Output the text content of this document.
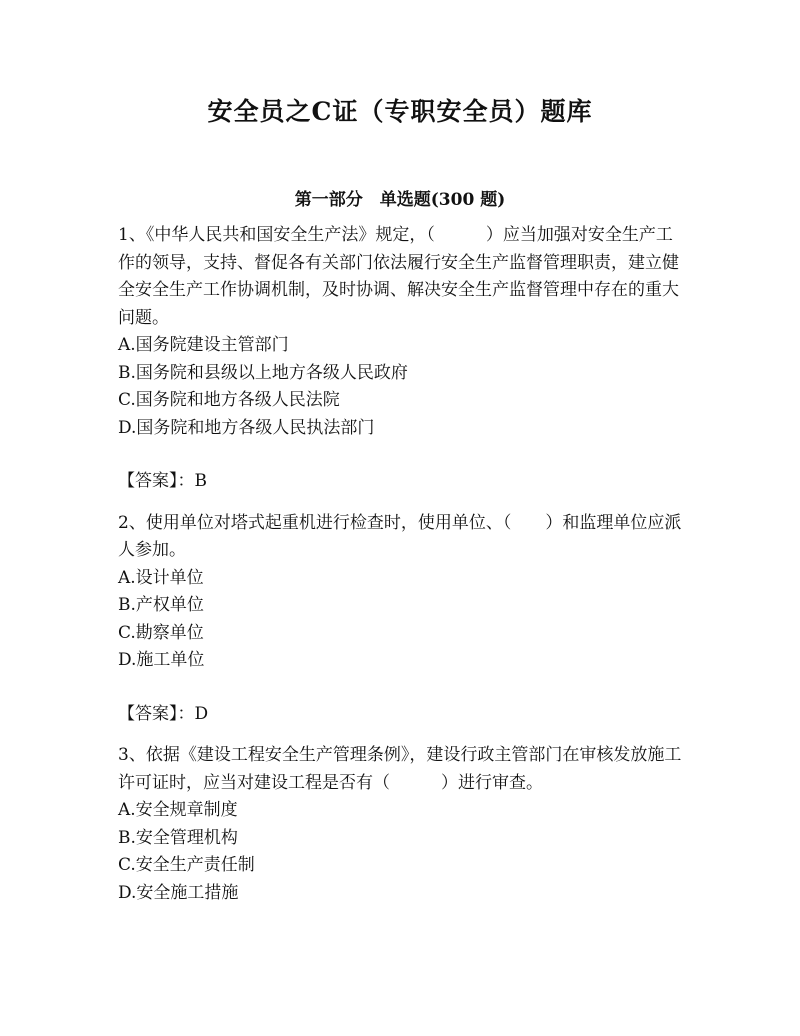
安全员之C证（专职安全员）题库
第一部分　单选题(300 题)

1、《中华人民共和国安全生产法》规定，（　　　）应当加强对安全生产工作的领导，支持、督促各有关部门依法履行安全生产监督管理职责，建立健全安全生产工作协调机制，及时协调、解决安全生产监督管理中存在的重大问题。

A.国务院建设主管部门

B.国务院和县级以上地方各级人民政府

C.国务院和地方各级人民法院

D.国务院和地方各级人民执法部门

【答案】：B

2、使用单位对塔式起重机进行检查时，使用单位、（　　）和监理单位应派人参加。

A.设计单位

B.产权单位

C.勘察单位

D.施工单位

【答案】：D

3、依据《建设工程安全生产管理条例》，建设行政主管部门在审核发放施工许可证时，应当对建设工程是否有（　　　）进行审查。

A.安全规章制度

B.安全管理机构

C.安全生产责任制

D.安全施工措施
